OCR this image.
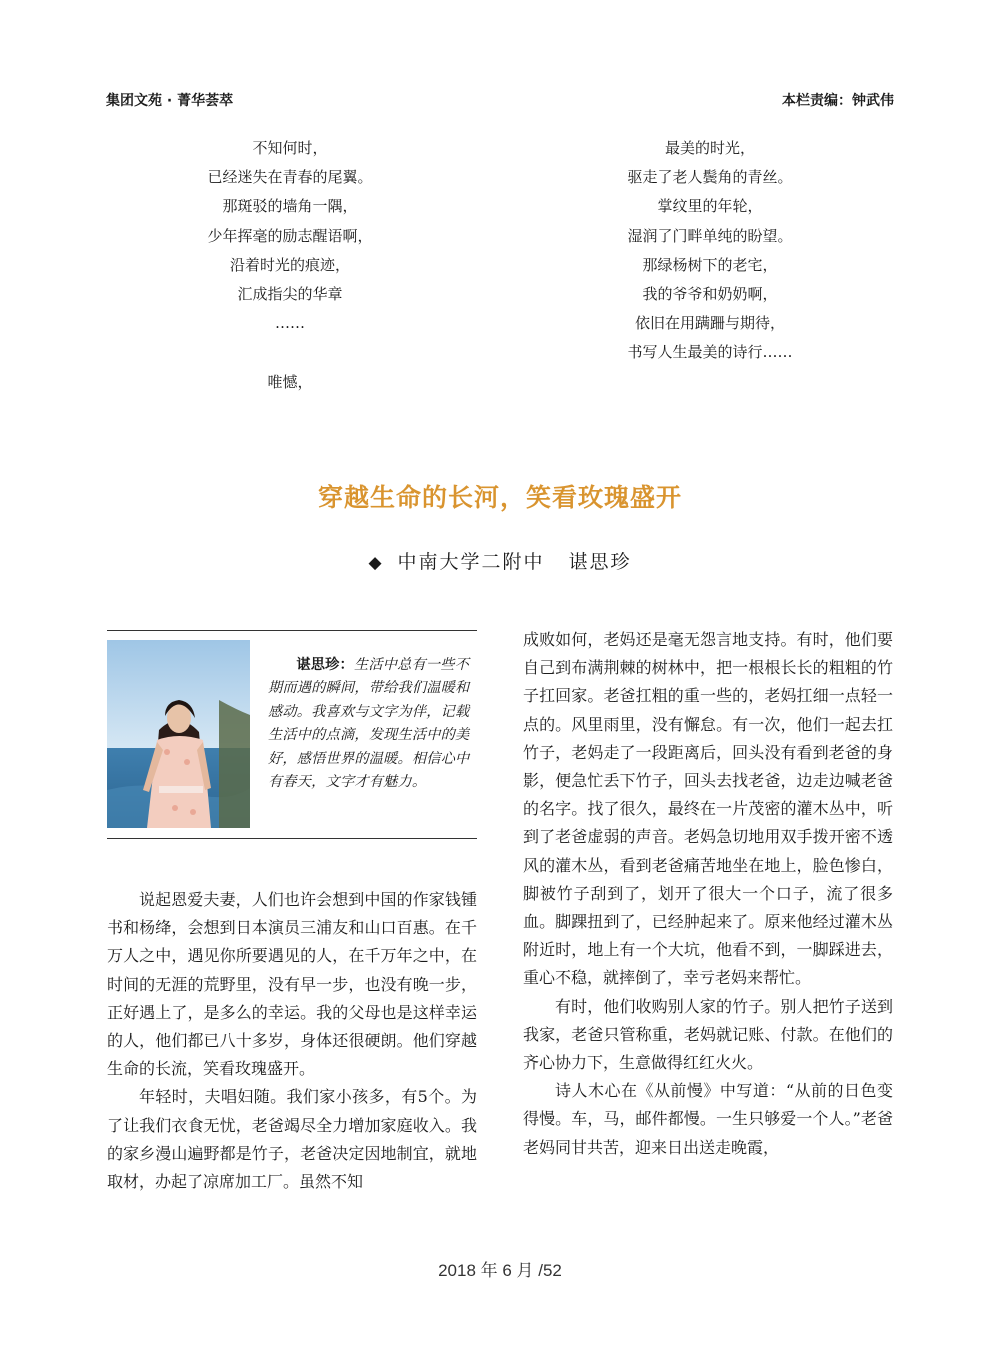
集团文苑 · 菁华荟萃	本栏责编：钟武伟
不知何时，
已经迷失在青春的尾翼。
那斑驳的墙角一隅，
少年挥毫的励志醒语啊，
沿着时光的痕迹，
汇成指尖的华章
……
唯憾，
最美的时光，
驱走了老人鬓角的青丝。
掌纹里的年轮，
湿润了门畔单纯的盼望。
那绿杨树下的老宅，
我的爷爷和奶奶啊，
依旧在用蹒跚与期待，
书写人生最美的诗行……
穿越生命的长河，笑看玫瑰盛开
◆ 中南大学二附中 谌思珍
谌思珍：生活中总有一些不期而遇的瞬间，带给我们温暖和感动。我喜欢与文字为伴，记载生活中的点滴，发现生活中的美好，感悟世界的温暖。相信心中有春天，文字才有魅力。

说起恩爱夫妻，人们也许会想到中国的作家钱锺书和杨绛，会想到日本演员三浦友和山口百惠。在千万人之中，遇见你所要遇见的人，在千万年之中，在时间的无涯的荒野里，没有早一步，也没有晚一步，正好遇上了，是多么的幸运。我的父母也是这样幸运的人，他们都已八十多岁，身体还很硬朗。他们穿越生命的长流，笑看玫瑰盛开。

年轻时，夫唱妇随。我们家小孩多，有5个。为了让我们衣食无忧，老爸竭尽全力增加家庭收入。我的家乡漫山遍野都是竹子，老爸决定因地制宜，就地取材，办起了凉席加工厂。虽然不知

成败如何，老妈还是毫无怨言地支持。有时，他们要自己到布满荆棘的树林中，把一根根长长的粗粗的竹子扛回家。老爸扛粗的重一些的，老妈扛细一点轻一点的。风里雨里，没有懈怠。有一次，他们一起去扛竹子，老妈走了一段距离后，回头没有看到老爸的身影，便急忙丢下竹子，回头去找老爸，边走边喊老爸的名字。找了很久，最终在一片茂密的灌木丛中，听到了老爸虚弱的声音。老妈急切地用双手拨开密不透风的灌木丛，看到老爸痛苦地坐在地上，脸色惨白，脚被竹子刮到了，划开了很大一个口子，流了很多血。脚踝扭到了，已经肿起来了。原来他经过灌木丛附近时，地上有一个大坑，他看不到，一脚踩进去，重心不稳，就摔倒了，幸亏老妈来帮忙。

有时，他们收购别人家的竹子。别人把竹子送到我家，老爸只管称重，老妈就记账、付款。在他们的齐心协力下，生意做得红红火火。

诗人木心在《从前慢》中写道：“从前的日色变得慢。车，马，邮件都慢。一生只够爱一个人。”老爸老妈同甘共苦，迎来日出送走晚霞，

2018 年 6 月 /52
